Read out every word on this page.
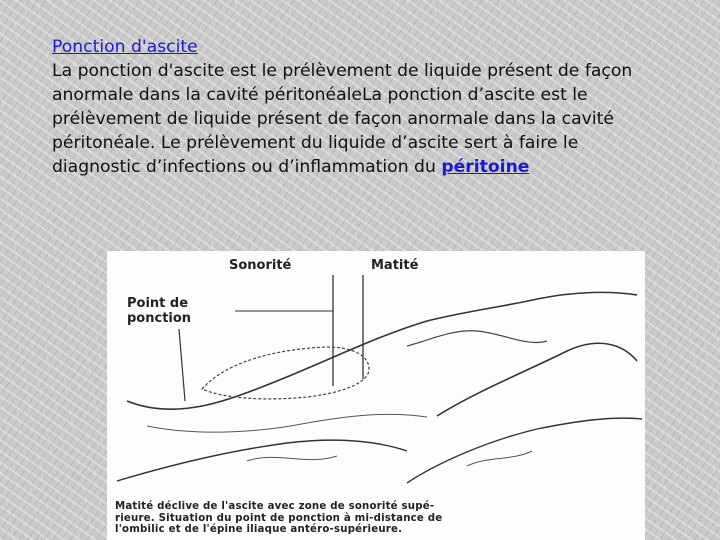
Ponction d'ascite
La ponction d'ascite est le prélèvement de liquide présent de façon anormale dans la cavité péritonéaleLa ponction d’ascite est le prélèvement de liquide présent de façon anormale dans la cavité péritonéale. Le prélèvement du liquide d’ascite sert à faire le diagnostic d’infections ou d’inflammation du péritoine
Sonorité	Matité
Point de
ponction
Matité déclive de l'ascite avec zone de sonorité supé-
rieure. Situation du point de ponction à mi-distance de
l'ombilic et de l'épine iliaque antéro-supérieure.
